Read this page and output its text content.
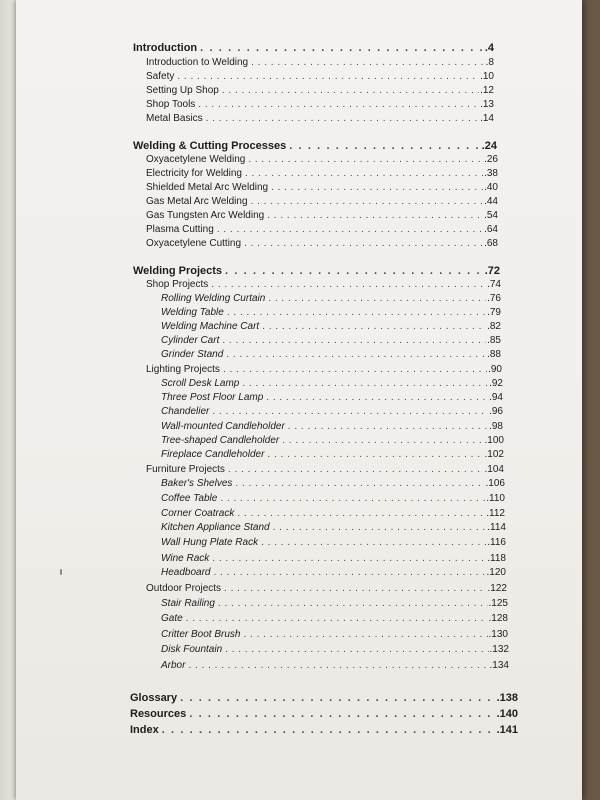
Introduction . . .	.4
Introduction to Welding . . .	.8
Safety . . .	.10
Setting Up Shop . . .	.12
Shop Tools . . .	.13
Metal Basics . . .	.14
Welding & Cutting Processes . . .	.24
Oxyacetylene Welding . . .	.26
Electricity for Welding . . .	.38
Shielded Metal Arc Welding . . .	.40
Gas Metal Arc Welding . . .	.44
Gas Tungsten Arc Welding . . .	.54
Plasma Cutting . . .	.64
Oxyacetylene Cutting . . .	.68
Welding Projects . . .	.72
Shop Projects . . .	.74
Rolling Welding Curtain . . .	.76
Welding Table . . .	.79
Welding Machine Cart . . .	.82
Cylinder Cart . . .	.85
Grinder Stand . . .	.88
Lighting Projects . . .	.90
Scroll Desk Lamp . . .	.92
Three Post Floor Lamp . . .	.94
Chandelier . . .	.96
Wall-mounted Candleholder . . .	.98
Tree-shaped Candleholder . . .	.100
Fireplace Candleholder . . .	.102
Furniture Projects . . .	.104
Baker's Shelves . . .	.106
Coffee Table . . .	.110
Corner Coatrack . . .	.112
Kitchen Appliance Stand . . .	.114
Wall Hung Plate Rack . . .	.116
Wine Rack . . .	.118
Headboard . . .	.120
Outdoor Projects . . .	.122
Stair Railing . . .	.125
Gate . . .	.128
Critter Boot Brush . . .	.130
Disk Fountain . . .	.132
Arbor . . .	.134
Glossary . . .	.138
Resources . . .	.140
Index . . .	.141
